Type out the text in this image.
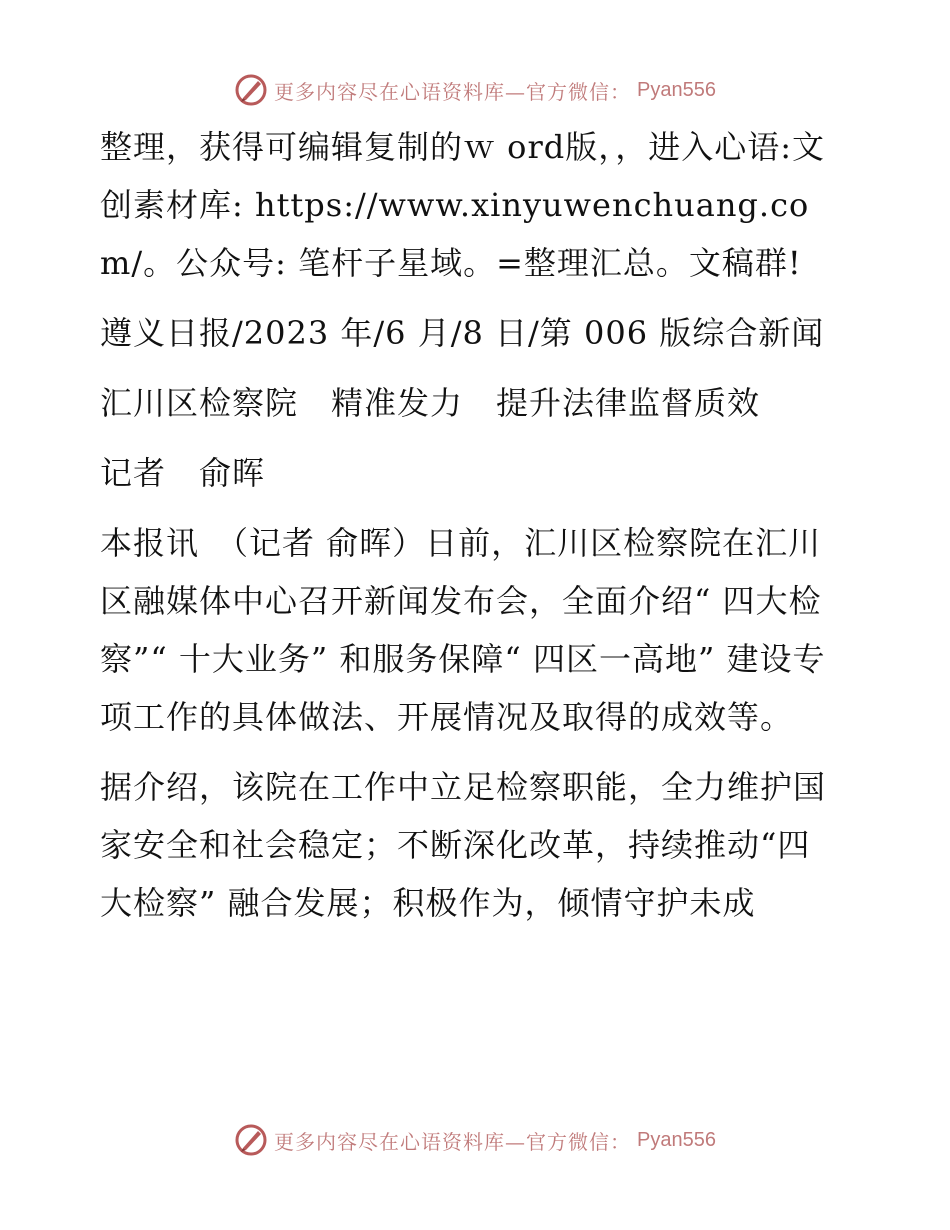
更多内容尽在心语资料库—官方微信： Pyan556

整理，获得可编辑复制的ｗ ord版，，进入心语:文创素材库: https://www.xinyuwenchuang.com/。公众号: 笔杆子星域。=整理汇总。文稿群!

遵义日报/2023 年/6 月/8 日/第 006 版综合新闻

汇川区检察院　精准发力　提升法律监督质效

记者　俞晖

本报讯　（记者 俞晖）日前，汇川区检察院在汇川区融媒体中心召开新闻发布会，全面介绍“ 四大检察”“ 十大业务” 和服务保障“ 四区一高地” 建设专项工作的具体做法、开展情况及取得的成效等。

据介绍，该院在工作中立足检察职能，全力维护国家安全和社会稳定；不断深化改革，持续推动“四大检察” 融合发展；积极作为，倾情守护未成

更多内容尽在心语资料库—官方微信： Pyan556
